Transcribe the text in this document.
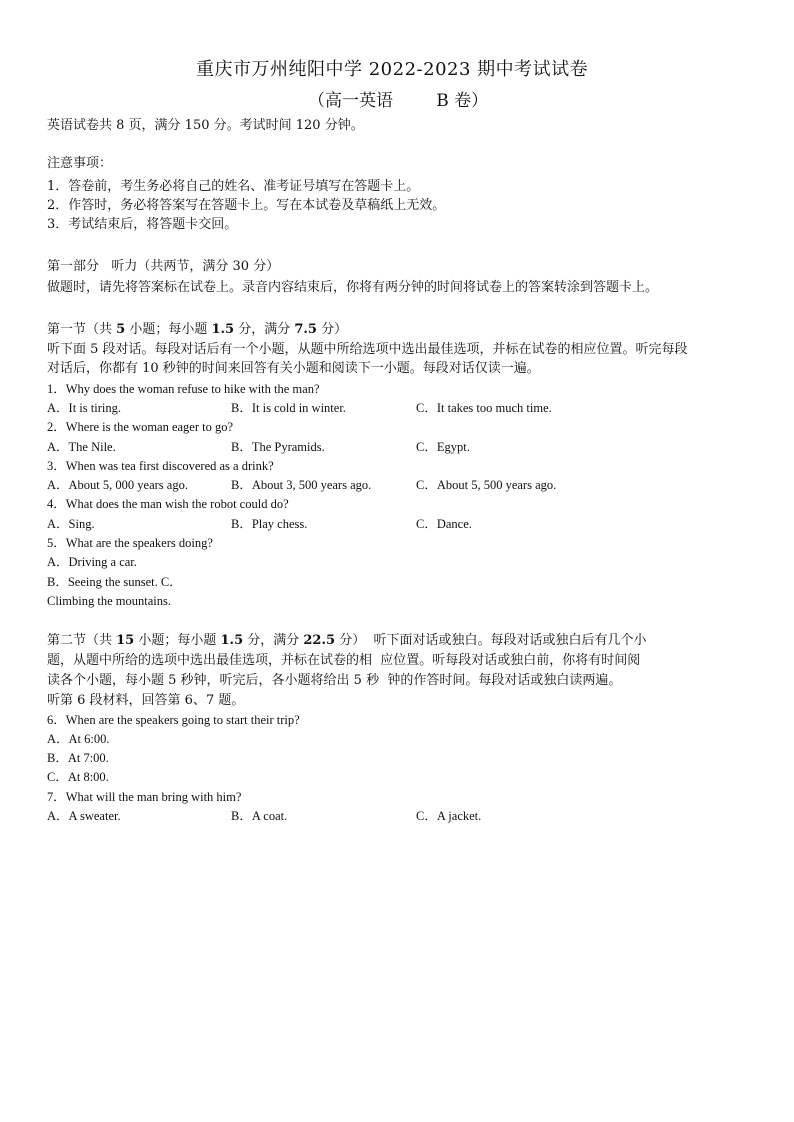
重庆市万州纯阳中学 2022-2023 期中考试试卷
（高一英语        B 卷）
英语试卷共 8 页，满分 150 分。考试时间 120 分钟。
注意事项：
1．答卷前，考生务必将自己的姓名、准考证号填写在答题卡上。
2．作答时，务必将答案写在答题卡上。写在本试卷及草稿纸上无效。
3．考试结束后，将答题卡交回。
第一部分   听力（共两节，满分 30 分）
做题时，请先将答案标在试卷上。录音内容结束后，你将有两分钟的时间将试卷上的答案转涂到答题卡上。
第一节（共 5 小题；每小题 1.5 分，满分 7.5 分）
听下面 5 段对话。每段对话后有一个小题，从题中所给选项中选出最佳选项，并标在试卷的相应位置。听完每段
对话后，你都有 10 秒钟的时间来回答有关小题和阅读下一小题。每段对话仅读一遍。
1．Why does the woman refuse to hike with the man?
A．It is tiring.	B．It is cold in winter.	C．It takes too much time.
2．Where is the woman eager to go?
A．The Nile.	B．The Pyramids.	C．Egypt.
3．When was tea first discovered as a drink?
A．About 5, 000 years ago.	B．About 3, 500 years ago.	C．About 5, 500 years ago.
4．What does the man wish the robot could do?
A．Sing.	B．Play chess.	C．Dance.
5．What are the speakers doing?
A．Driving a car.
B．Seeing the sunset. C．
Climbing the mountains.
第二节（共 15 小题；每小题 1.5 分，满分 22.5 分）  听下面对话或独白。每段对话或独白后有几个小
题，从题中所给的选项中选出最佳选项，并标在试卷的相  应位置。听每段对话或独白前，你将有时间阅
读各个小题，每小题 5 秒钟，听完后，各小题将给出 5 秒  钟的作答时间。每段对话或独白读两遍。
听第 6 段材料，回答第 6、7 题。
6．When are the speakers going to start their trip?
A．At 6:00.
B．At 7:00.
C．At 8:00.
7．What will the man bring with him?
A．A sweater.	B．A coat.	C．A jacket.
